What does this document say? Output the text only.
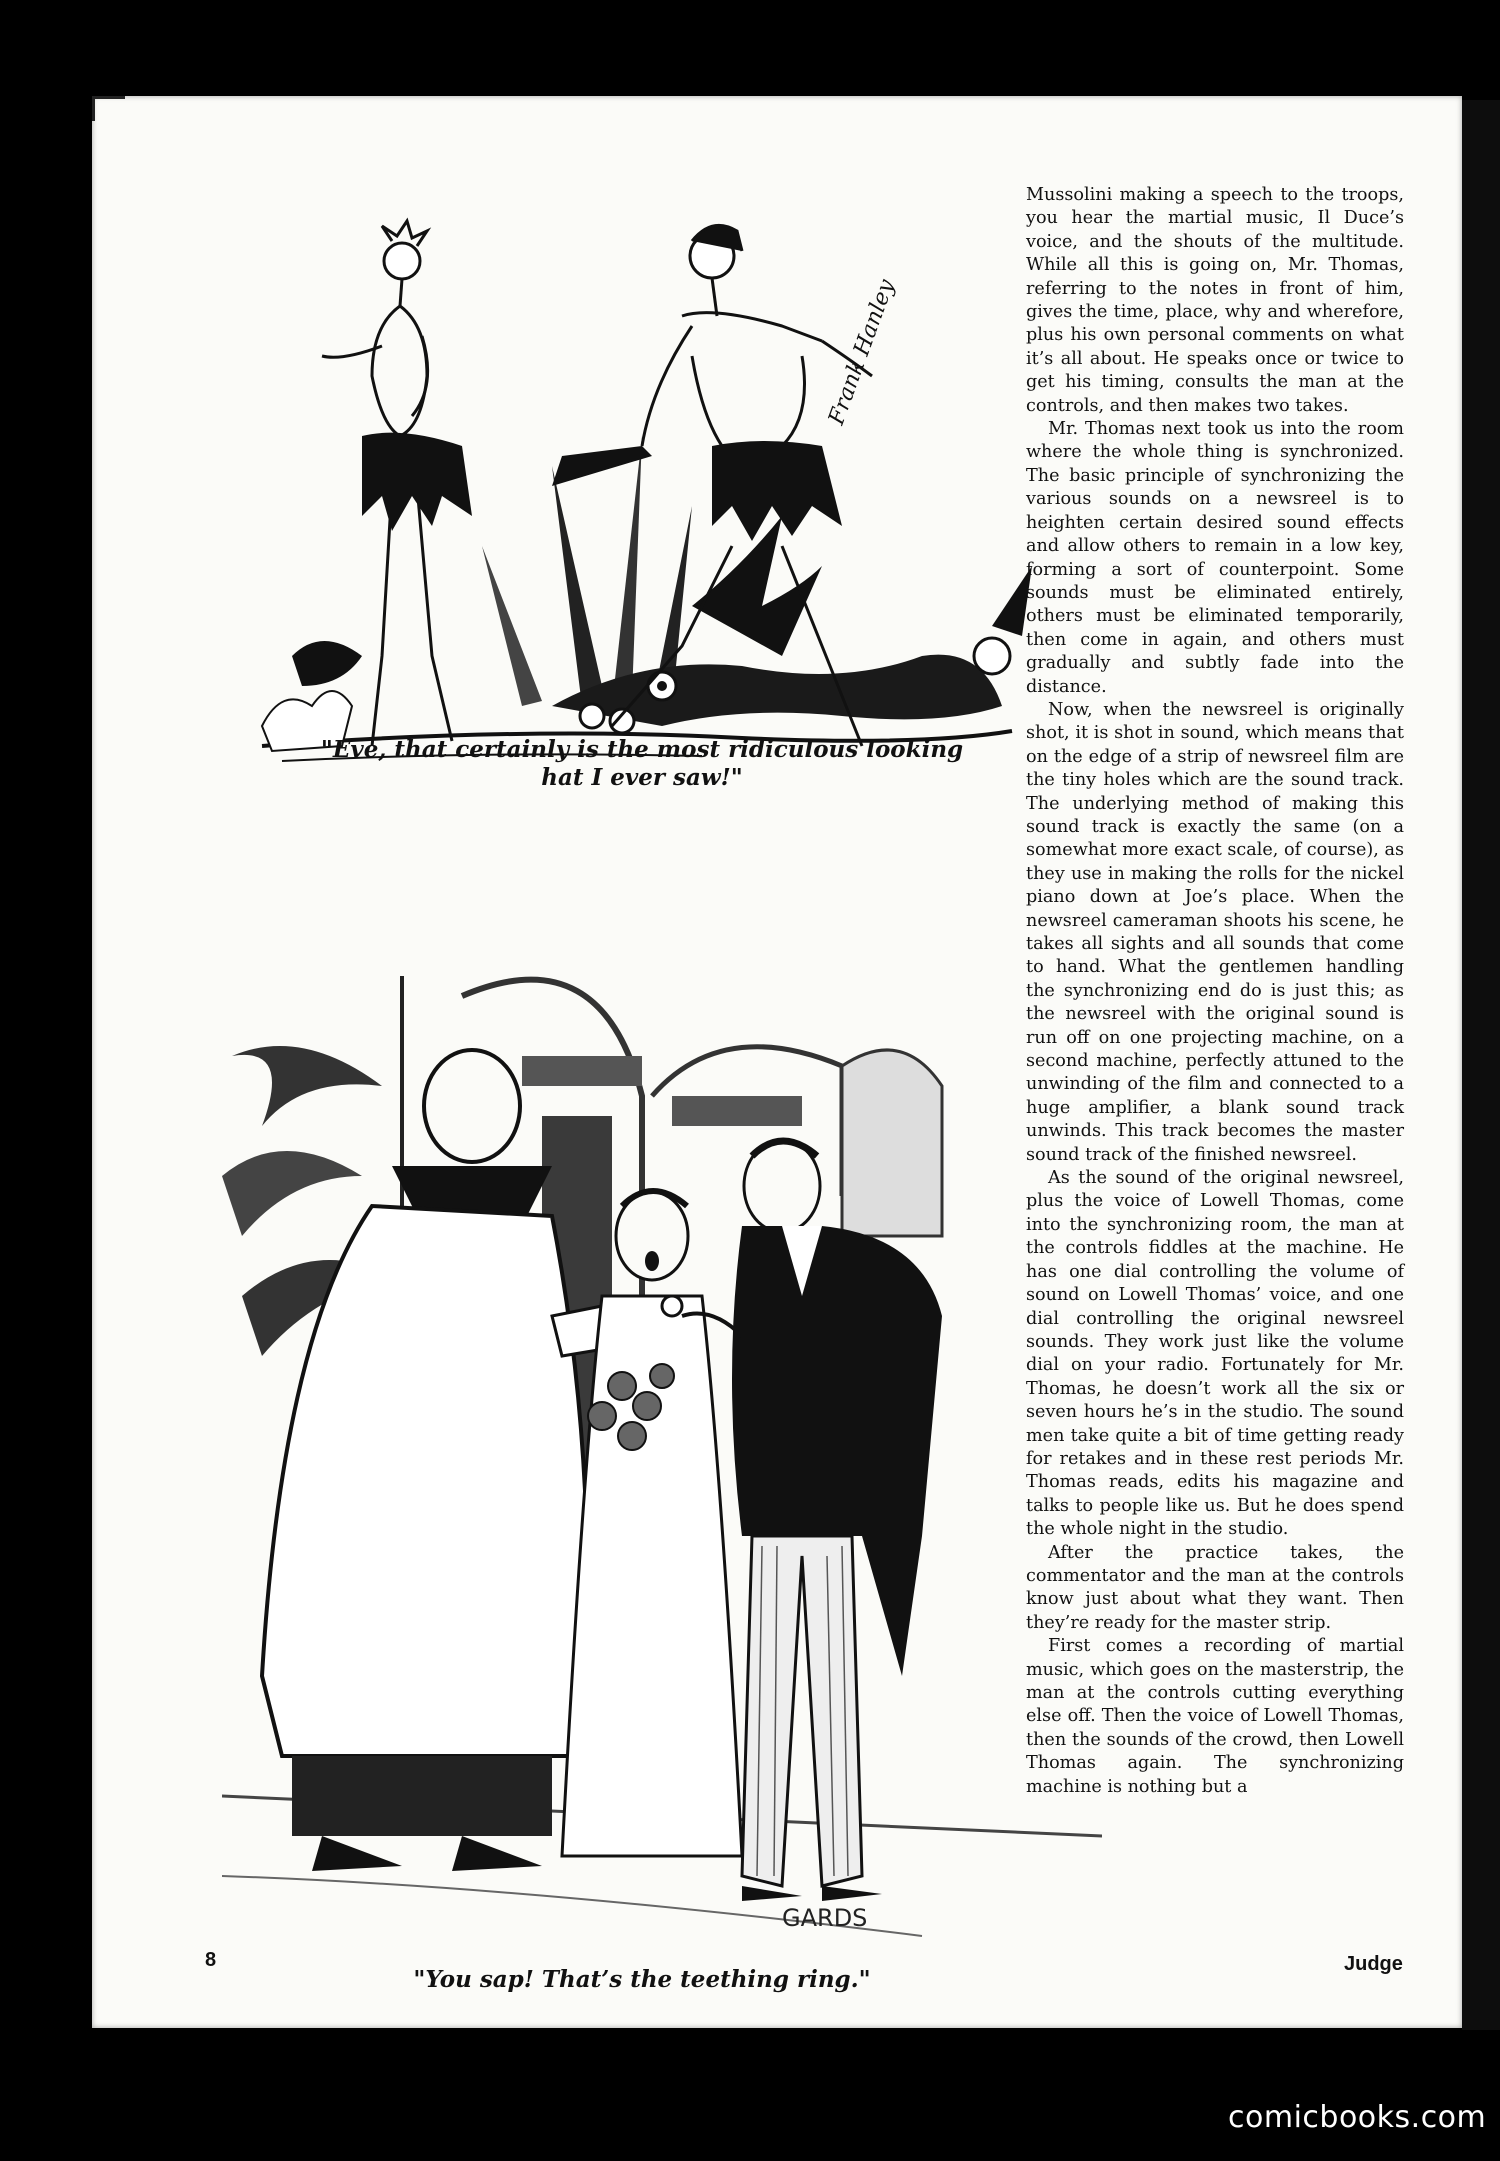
Frank Hanley
"Eve, that certainly is the most ridiculous looking
hat I ever saw!"
GARDS
"You sap! That’s the teething ring."

Mussolini making a speech to the troops, you hear the martial music, Il Duce’s voice, and the shouts of the multitude. While all this is going on, Mr. Thomas, referring to the notes in front of him, gives the time, place, why and wherefore, plus his own personal comments on what it’s all about. He speaks once or twice to get his timing, consults the man at the controls, and then makes two takes.

Mr. Thomas next took us into the room where the whole thing is synchronized. The basic principle of synchronizing the various sounds on a newsreel is to heighten certain desired sound effects and allow others to remain in a low key, forming a sort of counterpoint. Some sounds must be eliminated entirely, others must be eliminated temporarily, then come in again, and others must gradually and subtly fade into the distance.

Now, when the newsreel is originally shot, it is shot in sound, which means that on the edge of a strip of newsreel film are the tiny holes which are the sound track. The underlying method of making this sound track is exactly the same (on a somewhat more exact scale, of course), as they use in making the rolls for the nickel piano down at Joe’s place. When the newsreel cameraman shoots his scene, he takes all sights and all sounds that come to hand. What the gentlemen handling the synchronizing end do is just this; as the newsreel with the original sound is run off on one projecting machine, on a second machine, perfectly attuned to the unwinding of the film and connected to a huge amplifier, a blank sound track unwinds. This track becomes the master sound track of the finished newsreel.

As the sound of the original newsreel, plus the voice of Lowell Thomas, come into the synchronizing room, the man at the controls fiddles at the machine. He has one dial controlling the volume of sound on Lowell Thomas’ voice, and one dial controlling the original newsreel sounds. They work just like the volume dial on your radio. Fortunately for Mr. Thomas, he doesn’t work all the six or seven hours he’s in the studio. The sound men take quite a bit of time getting ready for retakes and in these rest periods Mr. Thomas reads, edits his magazine and talks to people like us. But he does spend the whole night in the studio.

After the practice takes, the commentator and the man at the controls know just about what they want. Then they’re ready for the master strip.

First comes a recording of martial music, which goes on the masterstrip, the man at the controls cutting everything else off. Then the voice of Lowell Thomas, then the sounds of the crowd, then Lowell Thomas again. The synchronizing machine is nothing but a

8	Judge
comicbooks.com
